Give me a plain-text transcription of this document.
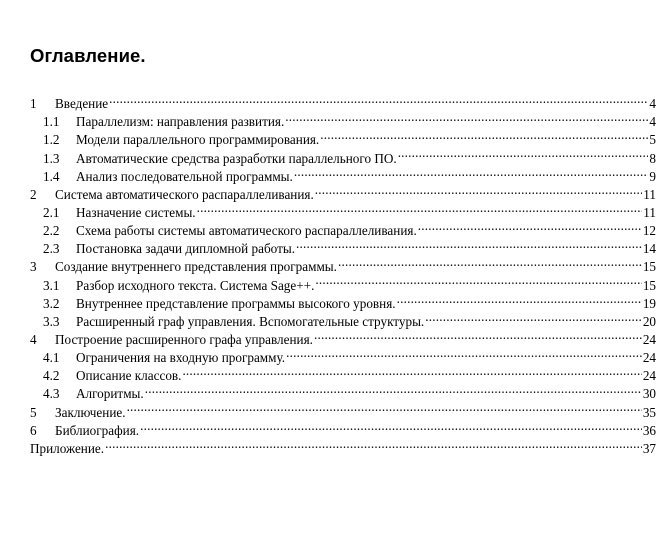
Оглавление.
1	Введение .....	4
1.1	Параллелизм: направления развития. .....	4
1.2	Модели параллельного программирования. .....	5
1.3	Автоматические средства разработки параллельного ПО. .....	8
1.4	Анализ последовательной программы. .....	9
2	Система автоматического распараллеливания. .....	11
2.1	Назначение системы. .....	11
2.2	Схема работы системы автоматического распараллеливания. .....	12
2.3	Постановка задачи дипломной работы. .....	14
3	Создание внутреннего представления программы. .....	15
3.1	Разбор исходного текста. Система Sage++. .....	15
3.2	Внутреннее представление программы высокого уровня. .....	19
3.3	Расширенный граф управления. Вспомогательные структуры. .....	20
4	Построение расширенного графа управления. .....	24
4.1	Ограничения на входную программу. .....	24
4.2	Описание классов. .....	24
4.3	Алгоритмы. .....	30
5	Заключение. .....	35
6	Библиография. .....	36
Приложение. .....	37
